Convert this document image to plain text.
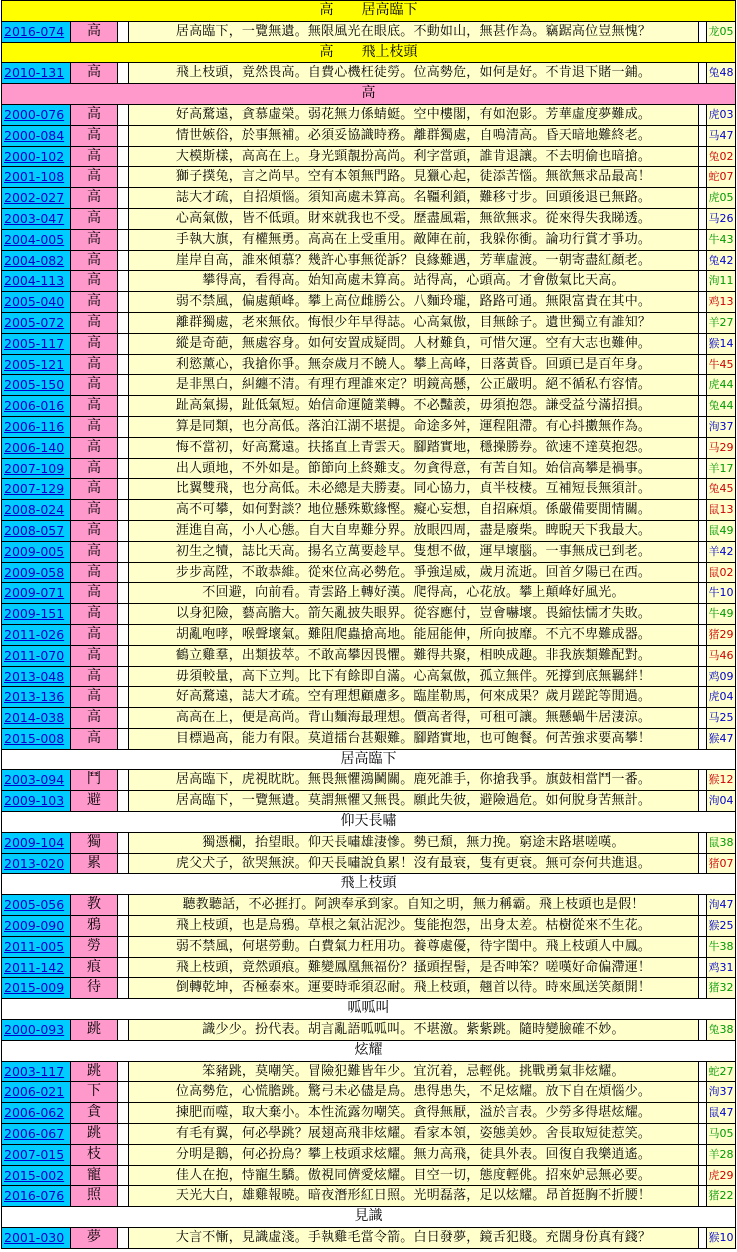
高　　居高臨下
2016-074	高	居高臨下，一覽無遺。無限風光在眼底。不動如山，無甚作為。竊踞高位豈無愧？	龙05
高　　飛上枝頭
2010-131	高	飛上枝頭，竟然畏高。自費心機枉徒勞。位高勢危，如何是好。不肯退下賭一鋪。	兔48
高
2000-076	高	好高騖遠，貪慕虛榮。弱花無力係蜻蜓。空中樓閣，有如泡影。芳華虛度夢難成。	虎03
2000-084	高	情世嫉俗，於事無補。必須妥協識時務。離群獨處，自鳴清高。昏天暗地難終老。	马47
2000-102	高	大模斯樣，高高在上。身光頸靚扮高尚。利字當頭，誰肯退讓。不去明偷也暗搶。	兔02
2001-108	高	獅子撲兔，言之尚早。空有本領無門路。見獵心起，徒添苦惱。無欲無求品最高！	蛇07
2002-027	高	誌大才疏，自招煩惱。須知高處未算高。名韁利鎖，難移寸步。回頭後退已無路。	虎05
2003-047	高	心高氣傲，皆不低頭。財來就我也不受。歷盡風霜，無欲無求。從來得失我睇透。	马26
2004-005	高	手執大旗，有權無勇。高高在上受重用。敵陣在前，我躲你衝。論功行賞才爭功。	牛43
2004-082	高	崖岸自高，誰來傾慕？幾許心事無從訴？良緣難遇，芳華虛渡。一朝寄盡紅顏老。	兔42
2004-113	高	攀得高，看得高。始知高處未算高。站得高，心頭高。才會傲氣比天高。	洵11
2005-040	高	弱不禁風，偏處顛峰。攀上高位雌勝公。八麵玲瓏，路路可通。無限富貴在其中。	鸡13
2005-072	高	離群獨處，老來無依。悔恨少年早得誌。心高氣傲，目無餘子。遺世獨立有誰知？	羊27
2005-117	高	縱是奇葩，無處容身。如何安置成疑問。人材難負，可惜欠運。空有大志也難伸。	猴14
2005-121	高	利慾薰心，我搶你爭。無奈歲月不饒人。攀上高峰，日落黃昏。回頭已是百年身。	牛45
2005-150	高	是非黑白，糾纏不清。有理冇理誰來定？明鏡高懸，公正嚴明。絕不循私冇容情。	虎44
2006-016	高	趾高氣揚，趾低氣短。始信命運隨業轉。不必豔羨，毋須抱怨。謙受益兮滿招損。	兔44
2006-116	高	算是同類，也分高低。落泊江湖不堪提。命途多舛，運程阻滯。有心抖擻無作為。	洵37
2006-140	高	悔不當初，好高騖遠。扶搖直上青雲天。腳踏實地，穩操勝券。欲速不達莫抱怨。	马29
2007-109	高	出人頭地，不外如是。節節向上終難支。勿貪得意，有苦自知。始信高攀是禍事。	羊17
2007-129	高	比翼雙飛，也分高低。未必總是夫勝妻。同心協力，貞半枝棲。互補短長無須計。	兔45
2008-024	高	高不可攀，如何對談？地位懸殊歎緣慳。癡心妄想，自招麻煩。係嚴備要閒情關。	鼠13
2008-057	高	涯進自高，小人心態。自大自卑難分界。放眼四周，盡是廢柴。睥睨天下我最大。	鼠49
2009-005	高	初生之犢，誌比天高。揚名立萬要趁早。隻想不做，運早壞腦。一事無成已到老。	羊42
2009-058	高	步步高陞，不敢恭維。從來位高必勢危。爭強逞威，歲月流逝。回首夕陽已在西。	鼠02
2009-071	高	不回避，向前看。青雲路上轉好漢。爬得高，心花放。攀上顛峰好風光。	牛10
2009-151	高	以身犯險，藝高膽大。箭矢亂披失眼界。從容應付，豈會嚇壞。畏縮怯懦才失敗。	牛49
2011-026	高	胡亂咆哮，喉聲壞氣。難阻爬蟲搶高地。能屈能伸，所向披靡。不亢不卑難成器。	猪29
2011-070	高	鶴立雞羣，出類拔萃。不敢高攀因畏懼。難得共聚，相映成趣。非我族類難配對。	马46
2013-048	高	毋須較量，高下立判。比下有餘即自滿。心高氣傲，孤立無伴。死撐到底無羈絆！	鸡09
2013-136	高	好高騖遠，誌大才疏。空有理想顧慮多。臨崖勒馬，何來成果？歲月蹉跎等閒過。	虎04
2014-038	高	高高在上，便是高尚。背山麵海最理想。價高者得，可租可讓。無懸蝸牛居淒涼。	马25
2015-008	高	目標過高，能力有限。莫道擂台甚艱難。腳踏實地，也可飽餐。何苦強求要高攀！	猴47
居高臨下
2003-094	鬥	居高臨下，虎視眈眈。無畏無懼鴻鬭關。鹿死誰手，你搶我爭。旗鼓相當鬥一番。	猴12
2009-103	避	居高臨下，一覽無遺。莫謂無懼又無畏。願此失彼，避險過危。如何脫身苦無計。	洵04
仰天長嘯
2009-104	獨	獨憑欄，抬望眼。仰天長嘯雄淒慘。勢已頹，無力挽。窮途末路堪嗟嘆。	鼠38
2013-020	累	虎父犬子，欲哭無淚。仰天長嘯說負累！沒有最衰，隻有更衰。無可奈何共進退。	猪07
飛上枝頭
2005-056	教	聽教聽話，不必捱打。阿諛奉承到家。自知之明，無力稱霸。飛上枝頭也是假！	洵47
2009-090	鴉	飛上枝頭，也是烏鴉。草根之氣沾泥沙。隻能抱怨，出身太差。枯樹從來不生花。	猴25
2011-005	勞	弱不禁風，何堪勞動。白費氣力枉用功。養尊處優，待字閨中。飛上枝頭人中鳳。	牛38
2011-142	痕	飛上枝頭，竟然頭痕。難變鳳凰無福份？搔頭捏髻，是否呻笨？嗟嘆好命偏滯運！	鸡31
2015-009	待	倒轉乾坤，否極泰來。運要時乖須忍耐。飛上枝頭，翹首以待。時來風送笑顏開！	猪32
呱呱叫
2000-093	跳	識少少。扮代表。胡言亂語呱呱叫。不堪激。紫紫跳。隨時變臉確不妙。	兔38
炫耀
2003-117	跳	笨豬跳，莫嘲笑。冒險犯難皆年少。宜沉着，忌輕佻。挑戰勇氣非炫耀。	蛇27
2006-021	下	位高勢危，心慌膽跳。驚弓未必儘是鳥。患得患失，不足炫耀。放下自在煩惱少。	洵37
2006-062	貪	揀肥而噬，取大棄小。本性流露勿嘲笑。貪得無厭，溢於言表。少勞多得堪炫耀。	鼠47
2006-067	跳	有毛有翼，何必學跳？展翅高飛非炫耀。看家本領，姿態美妙。舍長取短徒惹笑。	马05
2007-015	枝	分明是鵝，何必扮鳥？攀上枝頭求炫耀。無力高飛，徒具外表。回復自我樂逍遙。	羊28
2015-002	寵	佳人在抱，恃寵生驕。傲視同儕愛炫耀。目空一切，態度輕佻。招來妒忌無必要。	虎29
2016-076	照	天光大白，雄雞報曉。暗夜潛形紅日照。光明磊落，足以炫耀。昂首挺胸不折腰！	猪22
見識
2001-030	夢	大言不慚，見識虛淺。手執雞毛當令箭。白日發夢，鏡舌犯賤。充闊身份真有錢？	猴10
